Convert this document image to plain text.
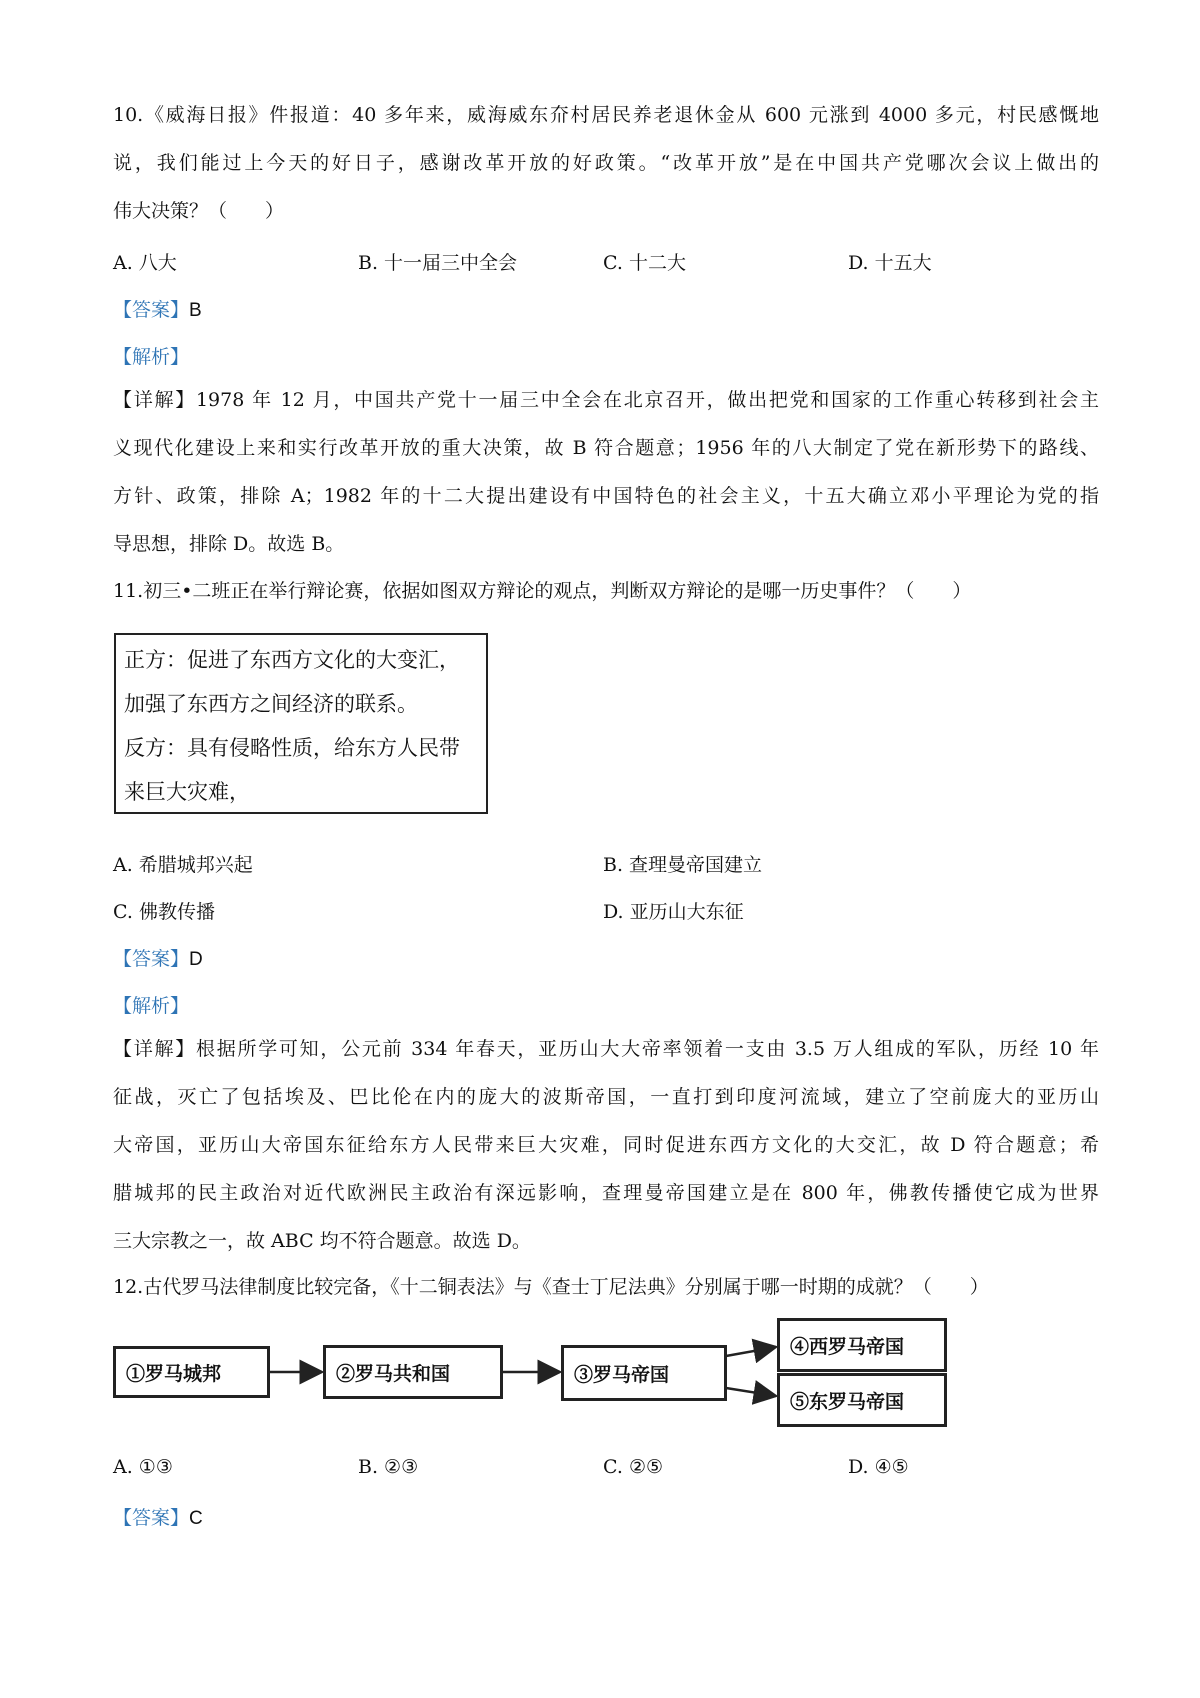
10.《威海日报》件报道：40 多年来，威海威东夼村居民养老退休金从 600 元涨到 4000 多元，村民感慨地
说，我们能过上今天的好日子，感谢改革开放的好政策。“改革开放”是在中国共产党哪次会议上做出的
伟大决策？（　　）
A. 八大	B. 十一届三中全会	C. 十二大	D. 十五大
【答案】B
【解析】
【详解】1978 年 12 月，中国共产党十一届三中全会在北京召开，做出把党和国家的工作重心转移到社会主
义现代化建设上来和实行改革开放的重大决策，故 B 符合题意；1956 年的八大制定了党在新形势下的路线、
方针、政策，排除 A；1982 年的十二大提出建设有中国特色的社会主义，十五大确立邓小平理论为党的指
导思想，排除 D。故选 B。
11.初三•二班正在举行辩论赛，依据如图双方辩论的观点，判断双方辩论的是哪一历史事件？（　　）
正方：促进了东西方文化的大变汇，
加强了东西方之间经济的联系。
反方：具有侵略性质，给东方人民带
来巨大灾难，
A. 希腊城邦兴起	B. 查理曼帝国建立
C. 佛教传播	D. 亚历山大东征
【答案】D
【解析】
【详解】根据所学可知，公元前 334 年春天，亚历山大大帝率领着一支由 3.5 万人组成的军队，历经 10 年
征战，灭亡了包括埃及、巴比伦在内的庞大的波斯帝国，一直打到印度河流域，建立了空前庞大的亚历山
大帝国，亚历山大帝国东征给东方人民带来巨大灾难，同时促进东西方文化的大交汇，故 D 符合题意；希
腊城邦的民主政治对近代欧洲民主政治有深远影响，查理曼帝国建立是在 800 年，佛教传播使它成为世界
三大宗教之一，故 ABC 均不符合题意。故选 D。
12.古代罗马法律制度比较完备，《十二铜表法》与《查士丁尼法典》分别属于哪一时期的成就？（　　）
①罗马城邦	②罗马共和国	③罗马帝国
④西罗马帝国
⑤东罗马帝国
A. ①③	B. ②③	C. ②⑤	D. ④⑤
【答案】C
